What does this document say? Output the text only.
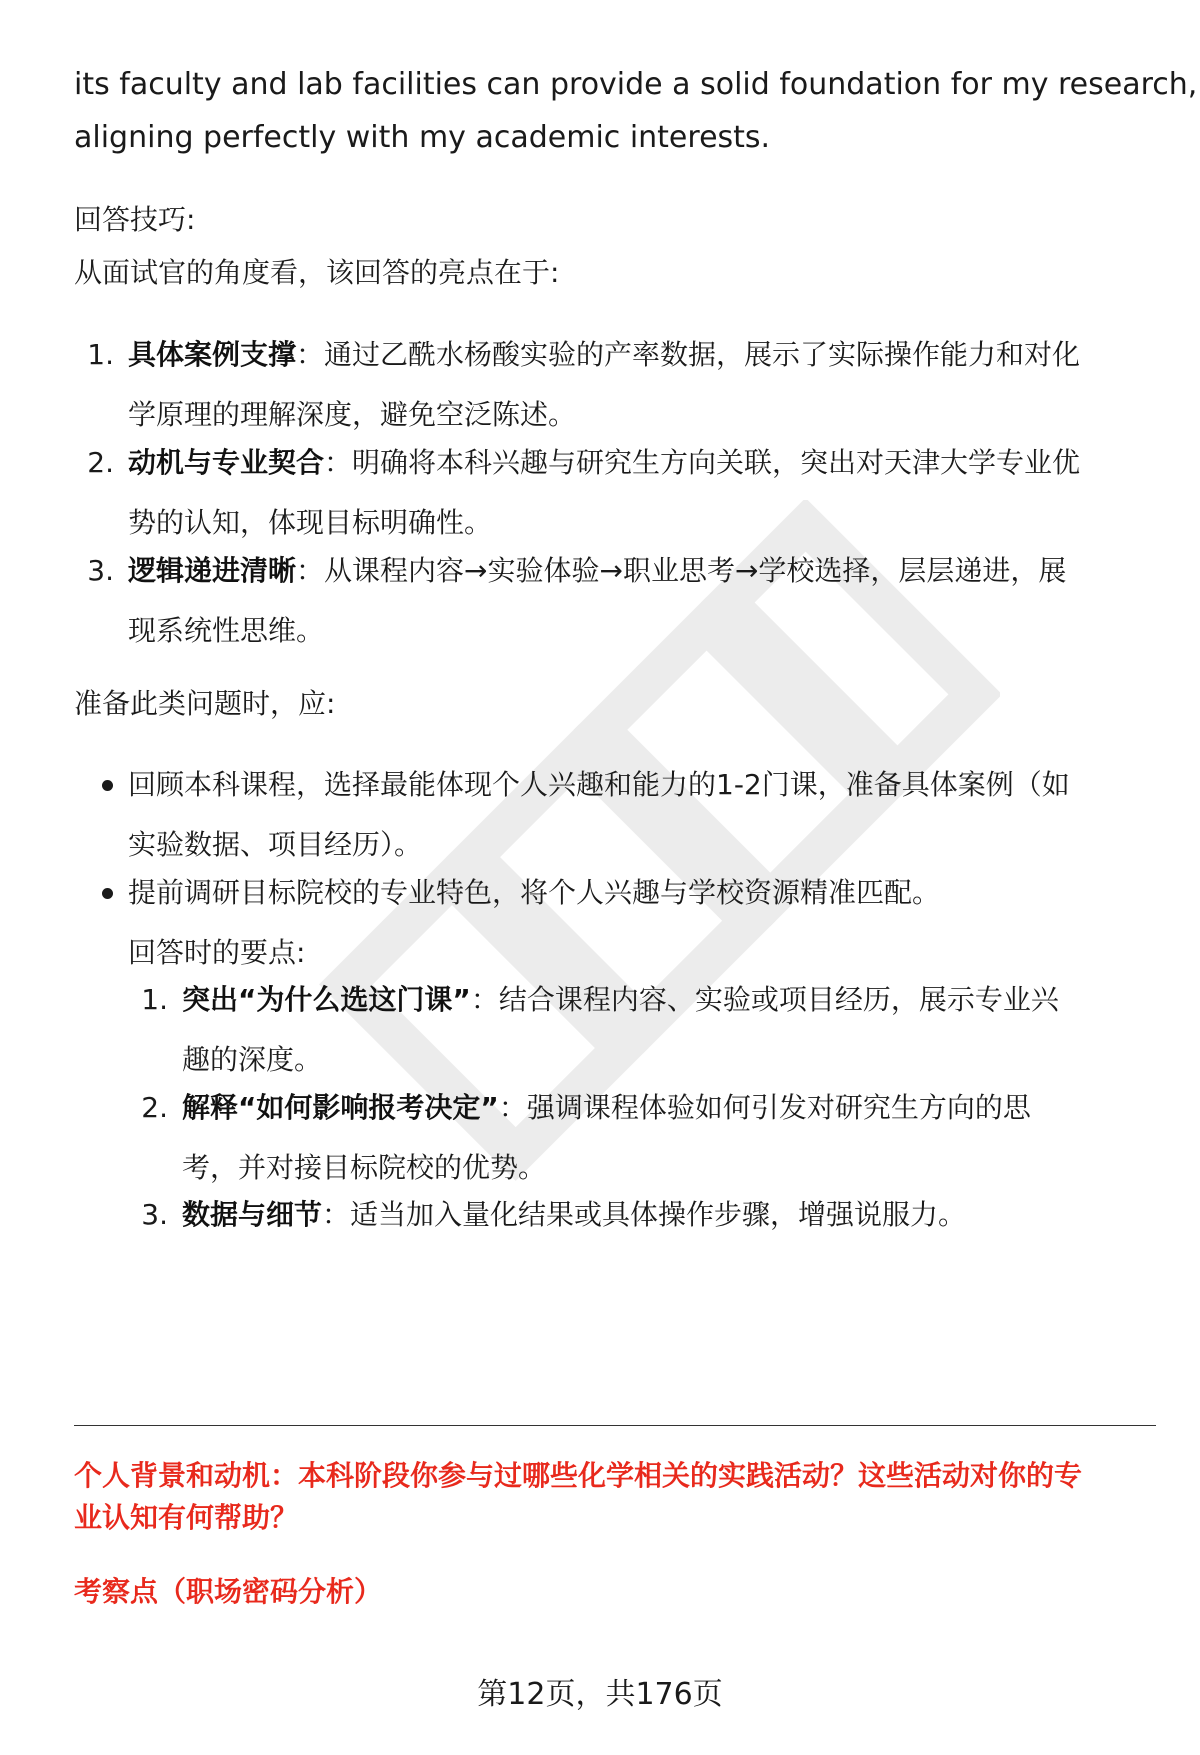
its faculty and lab facilities can provide a solid foundation for my research,
aligning perfectly with my academic interests.
回答技巧:
从面试官的角度看，该回答的亮点在于:
1. 具体案例支撑：通过乙酰水杨酸实验的产率数据，展示了实际操作能力和对化
学原理的理解深度，避免空泛陈述。
2. 动机与专业契合：明确将本科兴趣与研究生方向关联，突出对天津大学专业优
势的认知，体现目标明确性。
3. 逻辑递进清晰：从课程内容→实验体验→职业思考→学校选择，层层递进，展
现系统性思维。
准备此类问题时，应:
回顾本科课程，选择最能体现个人兴趣和能力的1-2门课，准备具体案例（如
实验数据、项目经历）。
提前调研目标院校的专业特色，将个人兴趣与学校资源精准匹配。
回答时的要点:
1. 突出“为什么选这门课”：结合课程内容、实验或项目经历，展示专业兴
趣的深度。
2. 解释“如何影响报考决定”：强调课程体验如何引发对研究生方向的思
考，并对接目标院校的优势。
3. 数据与细节：适当加入量化结果或具体操作步骤，增强说服力。
个人背景和动机：本科阶段你参与过哪些化学相关的实践活动？这些活动对你的专
业认知有何帮助？
考察点（职场密码分析）
第12页，共176页
